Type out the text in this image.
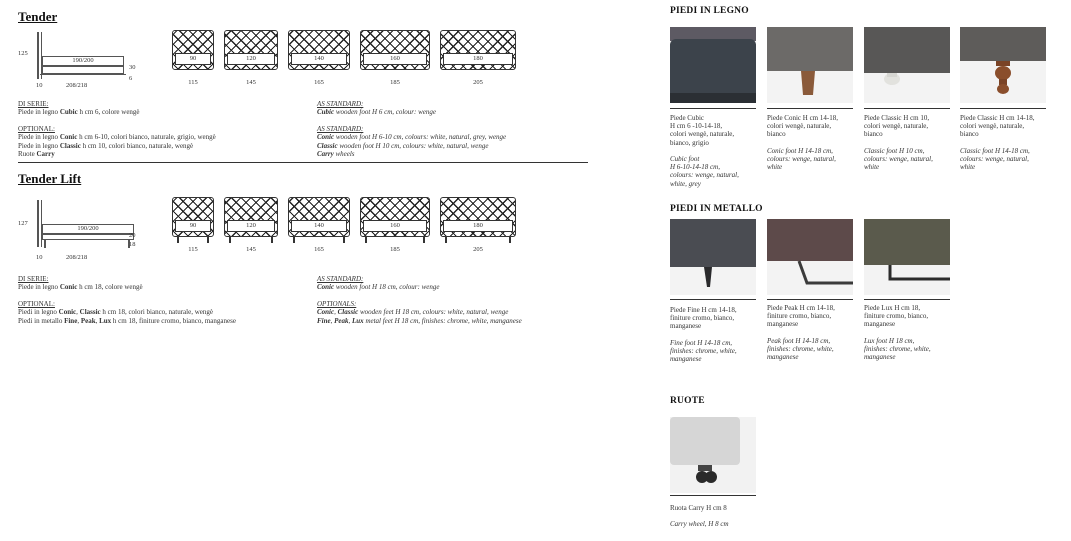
Tender
125
190/200
30
6
10	208/218
90
115
120
145
140
165
160
185
180
205
DI SERIE:
Piede in legno Cubic h cm 6, colore wengè
OPTIONAL:
Piede in legno Conic h cm 6-10, colori bianco, naturale, grigio, wengè
Piede in legno Classic h cm 10, colori bianco, naturale, wengè
Ruote Carry
AS STANDARD:
Cubic wooden foot H 6 cm, colour: wenge
AS STANDARD:
Conic wooden foot H 6-10 cm, colours: white, natural, grey, wenge
Classic wooden foot H 10 cm, colours: white, natural, wenge
Carry wheels
Tender Lift
127
190/200
20
18
10	208/218
90
115
120
145
140
165
160
185
180
205
DI SERIE:
Piede in legno Conic h cm 18, colore wengè
OPTIONAL:
Piedi in legno Conic, Classic h cm 18, colori bianco, naturale, wengè
Piedi in metallo Fine, Peak, Lux h cm 18, finiture cromo, bianco, manganese
AS STANDARD:
Conic wooden foot H 18 cm, colour: wenge
OPTIONALS:
Conic, Classic wooden feet H 18 cm, colours: white, natural, wenge
Fine, Peak, Lux metal feet H 18 cm, finishes: chrome, white, manganese
PIEDI IN LEGNO
Piede Cubic
H cm 6 -10-14-18,
colori wengè, naturale,
bianco, grigio
Cubic foot
H 6-10-14-18 cm,
colours: wenge, natural,
white, grey
Piede Conic H cm 14-18,
colori wengè, naturale,
bianco
Conic foot H 14-18 cm,
colours: wenge, natural,
white
Piede Classic H cm 10,
colori wengè, naturale,
bianco
Classic foot H 10 cm,
colours: wenge, natural,
white
Piede Classic H cm 14-18,
colori wengè, naturale,
bianco
Classic foot H 14-18 cm,
colours: wenge, natural,
white
PIEDI IN METALLO
Piede Fine H cm 14-18,
finiture cromo, bianco,
manganese
Fine foot H 14-18 cm,
finishes: chrome, white,
manganese
Piede Peak H cm 14-18,
finiture cromo, bianco,
manganese
Peak foot H 14-18 cm,
finishes: chrome, white,
manganese
Piede Lux H cm 18,
finiture cromo, bianco,
manganese
Lux foot H 18 cm,
finishes: chrome, white,
manganese
RUOTE
Ruota Carry H cm 8
Carry wheel, H 8 cm
